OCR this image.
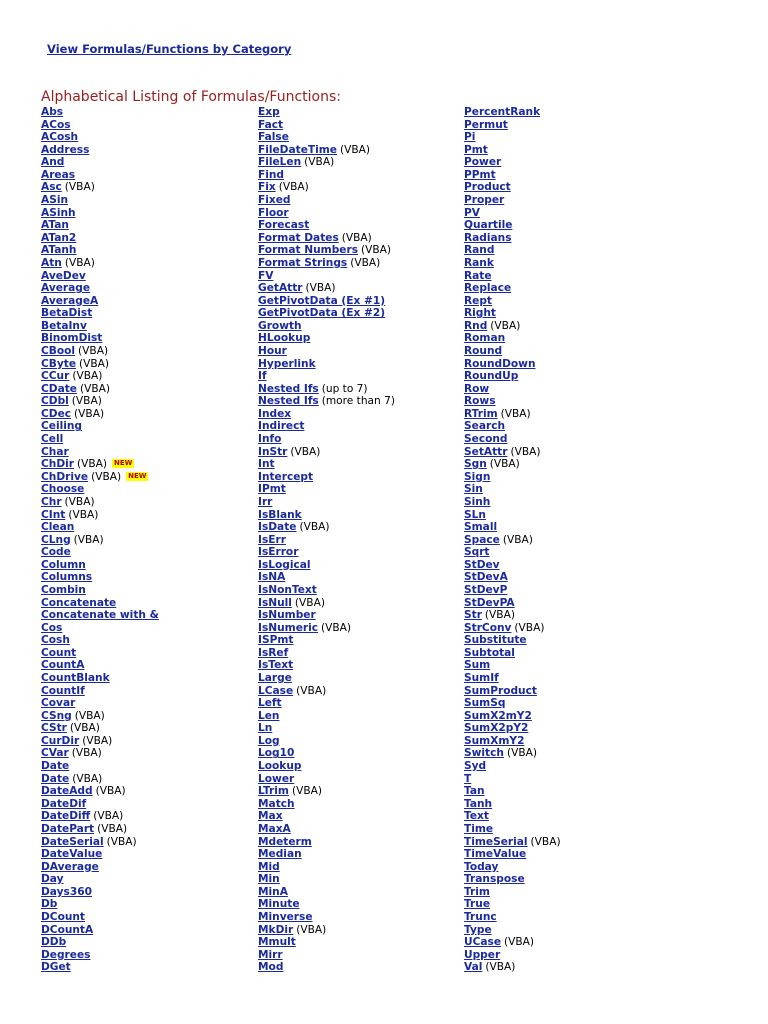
View Formulas/Functions by Category
Alphabetical Listing of Formulas/Functions:
Abs
ACos
ACosh
Address
And
Areas
Asc (VBA)
ASin
ASinh
ATan
ATan2
ATanh
Atn (VBA)
AveDev
Average
AverageA
BetaDist
BetaInv
BinomDist
CBool (VBA)
CByte (VBA)
CCur (VBA)
CDate (VBA)
CDbl (VBA)
CDec (VBA)
Ceiling
Cell
Char
ChDir (VBA) NEW
ChDrive (VBA) NEW
Choose
Chr (VBA)
CInt (VBA)
Clean
CLng (VBA)
Code
Column
Columns
Combin
Concatenate
Concatenate with &
Cos
Cosh
Count
CountA
CountBlank
CountIf
Covar
CSng (VBA)
CStr (VBA)
CurDir (VBA)
CVar (VBA)
Date
Date (VBA)
DateAdd (VBA)
DateDif
DateDiff (VBA)
DatePart (VBA)
DateSerial (VBA)
DateValue
DAverage
Day
Days360
Db
DCount
DCountA
DDb
Degrees
DGet
Exp
Fact
False
FileDateTime (VBA)
FileLen (VBA)
Find
Fix (VBA)
Fixed
Floor
Forecast
Format Dates (VBA)
Format Numbers (VBA)
Format Strings (VBA)
FV
GetAttr (VBA)
GetPivotData (Ex #1)
GetPivotData (Ex #2)
Growth
HLookup
Hour
Hyperlink
If
Nested Ifs (up to 7)
Nested Ifs (more than 7)
Index
Indirect
Info
InStr (VBA)
Int
Intercept
IPmt
Irr
IsBlank
IsDate (VBA)
IsErr
IsError
IsLogical
IsNA
IsNonText
IsNull (VBA)
IsNumber
IsNumeric (VBA)
ISPmt
IsRef
IsText
Large
LCase (VBA)
Left
Len
Ln
Log
Log10
Lookup
Lower
LTrim (VBA)
Match
Max
MaxA
Mdeterm
Median
Mid
Min
MinA
Minute
Minverse
MkDir (VBA)
Mmult
Mirr
Mod
PercentRank
Permut
Pi
Pmt
Power
PPmt
Product
Proper
PV
Quartile
Radians
Rand
Rank
Rate
Replace
Rept
Right
Rnd (VBA)
Roman
Round
RoundDown
RoundUp
Row
Rows
RTrim (VBA)
Search
Second
SetAttr (VBA)
Sgn (VBA)
Sign
Sin
Sinh
SLn
Small
Space (VBA)
Sqrt
StDev
StDevA
StDevP
StDevPA
Str (VBA)
StrConv (VBA)
Substitute
Subtotal
Sum
SumIf
SumProduct
SumSq
SumX2mY2
SumX2pY2
SumXmY2
Switch (VBA)
Syd
T
Tan
Tanh
Text
Time
TimeSerial (VBA)
TimeValue
Today
Transpose
Trim
True
Trunc
Type
UCase (VBA)
Upper
Val (VBA)
